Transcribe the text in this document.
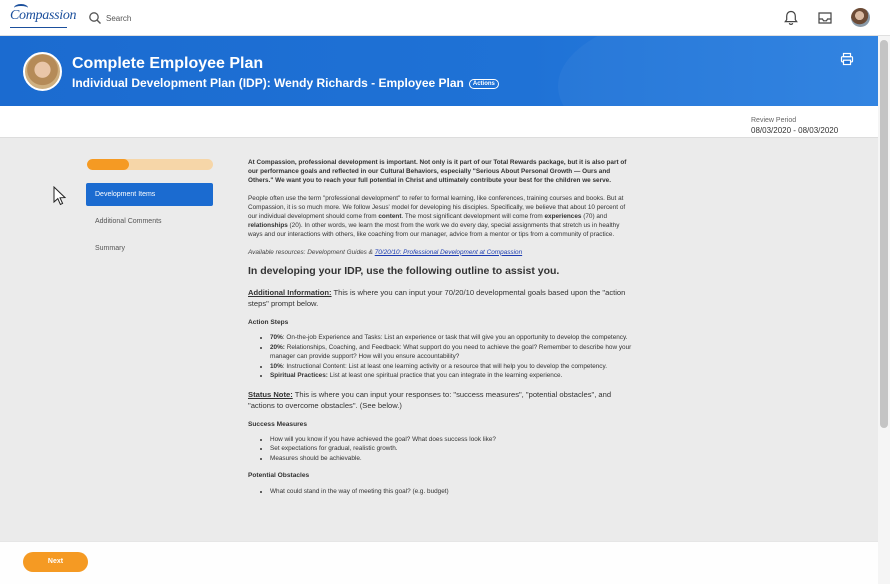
Compassion
Search
Complete Employee Plan
Individual Development Plan (IDP): Wendy Richards - Employee Plan Actions
Review Period
08/03/2020 - 08/03/2020
Development Items
Additional Comments
Summary

At Compassion, professional development is important. Not only is it part of our Total Rewards package, but it is also part of our performance goals and reflected in our Cultural Behaviors, especially "Serious About Personal Growth — Ours and Others." We want you to reach your full potential in Christ and ultimately contribute your best for the children we serve.

People often use the term "professional development" to refer to formal learning, like conferences, training courses and books. But at Compassion, it is so much more. We follow Jesus' model for developing his disciples. Specifically, we believe that about 10 percent of our individual development should come from content. The most significant development will come from experiences (70) and relationships (20). In other words, we learn the most from the work we do every day, special assignments that stretch us in healthy ways and our interactions with others, like coaching from our manager, advice from a mentor or tips from a community of practice.

Available resources: Development Guides & 70/20/10: Professional Development at Compassion

In developing your IDP, use the following outline to assist you.
Additional Information: This is where you can input your 70/20/10 developmental goals based upon the "action steps" prompt below.
Action Steps
• 70%: On-the-job Experience and Tasks: List an experience or task that will give you an opportunity to develop the competency.
• 20%: Relationships, Coaching, and Feedback: What support do you need to achieve the goal? Remember to describe how your manager can provide support? How will you ensure accountability?
• 10%: Instructional Content: List at least one learning activity or a resource that will help you to develop the competency.
• Spiritual Practices: List at least one spiritual practice that you can integrate in the learning experience.
Status Note: This is where you can input your responses to: "success measures", "potential obstacles", and "actions to overcome obstacles". (See below.)
Success Measures
• How will you know if you have achieved the goal? What does success look like?
• Set expectations for gradual, realistic growth.
• Measures should be achievable.
Potential Obstacles
• What could stand in the way of meeting this goal? (e.g. budget)
Next
